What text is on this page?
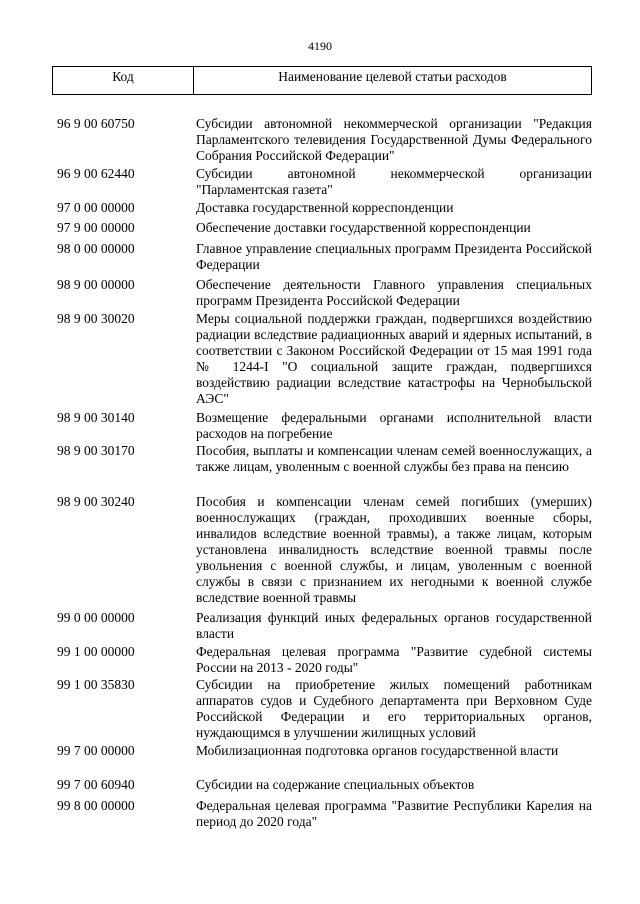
4190
Код	Наименование целевой статьи расходов
96 9 00 60750	Субсидии автономной некоммерческой организации "Редакция Парламентского телевидения Государственной Думы Федерального Собрания Российской Федерации"
96 9 00 62440	Субсидии автономной некоммерческой организации "Парламентская газета"
97 0 00 00000	Доставка государственной корреспонденции
97 9 00 00000	Обеспечение доставки государственной корреспонденции
98 0 00 00000	Главное управление специальных программ Президента Российской Федерации
98 9 00 00000	Обеспечение деятельности Главного управления специальных программ Президента Российской Федерации
98 9 00 30020	Меры социальной поддержки граждан, подвергшихся воздействию радиации вследствие радиационных аварий и ядерных испытаний, в соответствии с Законом Российской Федерации от 15 мая 1991 года № 1244-I "О социальной защите граждан, подвергшихся воздействию радиации вследствие катастрофы на Чернобыльской АЭС"
98 9 00 30140	Возмещение федеральными органами исполнительной власти расходов на погребение
98 9 00 30170	Пособия, выплаты и компенсации членам семей военнослужащих, а также лицам, уволенным с военной службы без права на пенсию
98 9 00 30240	Пособия и компенсации членам семей погибших (умерших) военнослужащих (граждан, проходивших военные сборы, инвалидов вследствие военной травмы), а также лицам, которым установлена инвалидность вследствие военной травмы после увольнения с военной службы, и лицам, уволенным с военной службы в связи с признанием их негодными к военной службе вследствие военной травмы
99 0 00 00000	Реализация функций иных федеральных органов государственной власти
99 1 00 00000	Федеральная целевая программа "Развитие судебной системы России на 2013 - 2020 годы"
99 1 00 35830	Субсидии на приобретение жилых помещений работникам аппаратов судов и Судебного департамента при Верховном Суде Российской Федерации и его территориальных органов, нуждающимся в улучшении жилищных условий
99 7 00 00000	Мобилизационная подготовка органов государственной власти
99 7 00 60940	Субсидии на содержание специальных объектов
99 8 00 00000	Федеральная целевая программа "Развитие Республики Карелия на период до 2020 года"
